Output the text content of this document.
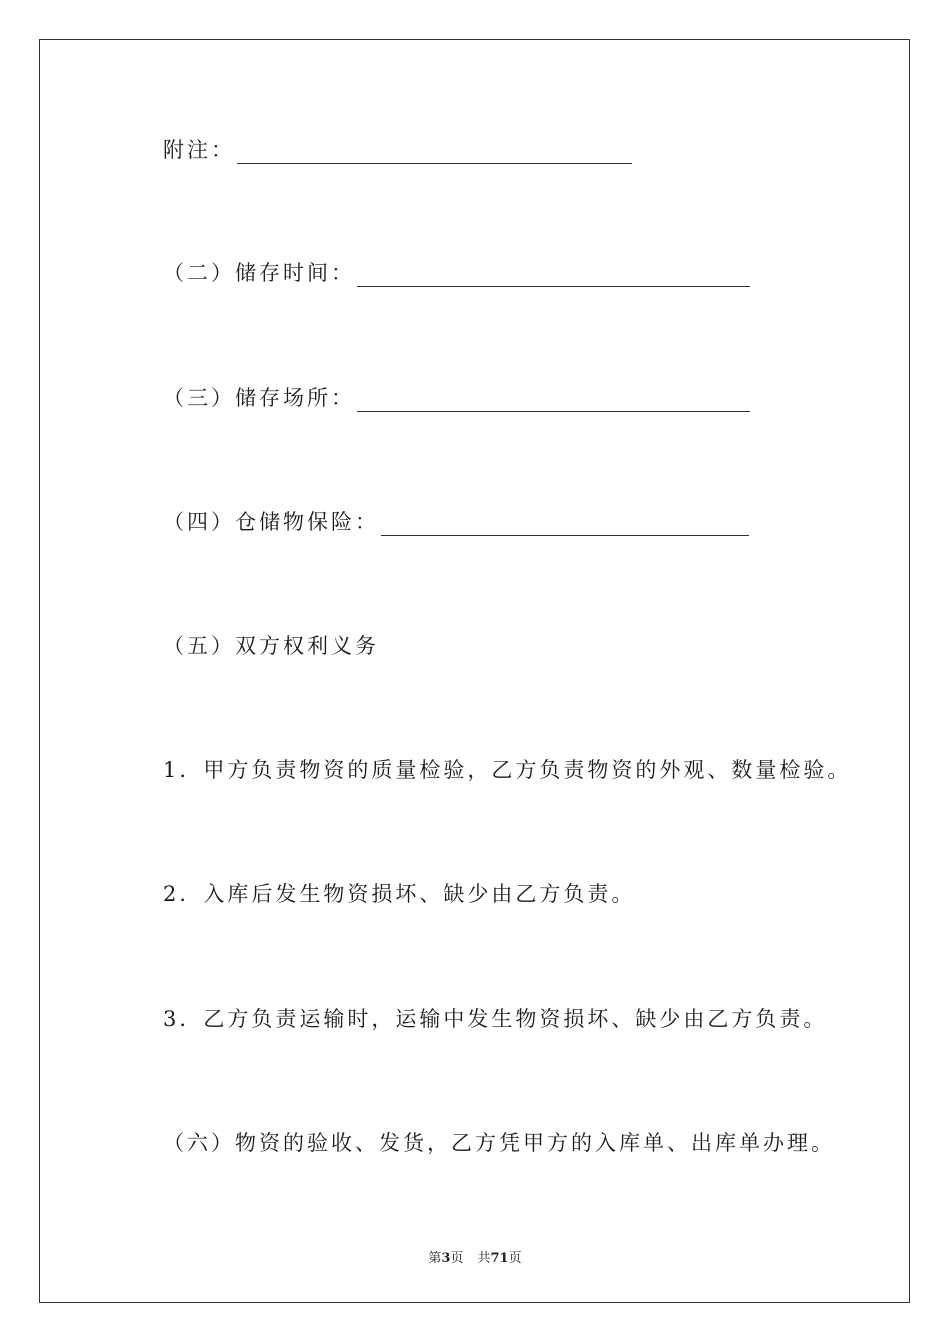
附注：
（二）储存时间：
（三）储存场所：
（四）仓储物保险：
（五）双方权利义务
1．甲方负责物资的质量检验，乙方负责物资的外观、数量检验。
2．入库后发生物资损坏、缺少由乙方负责。
3．乙方负责运输时，运输中发生物资损坏、缺少由乙方负责。
（六）物资的验收、发货，乙方凭甲方的入库单、出库单办理。
第3页 共71页
